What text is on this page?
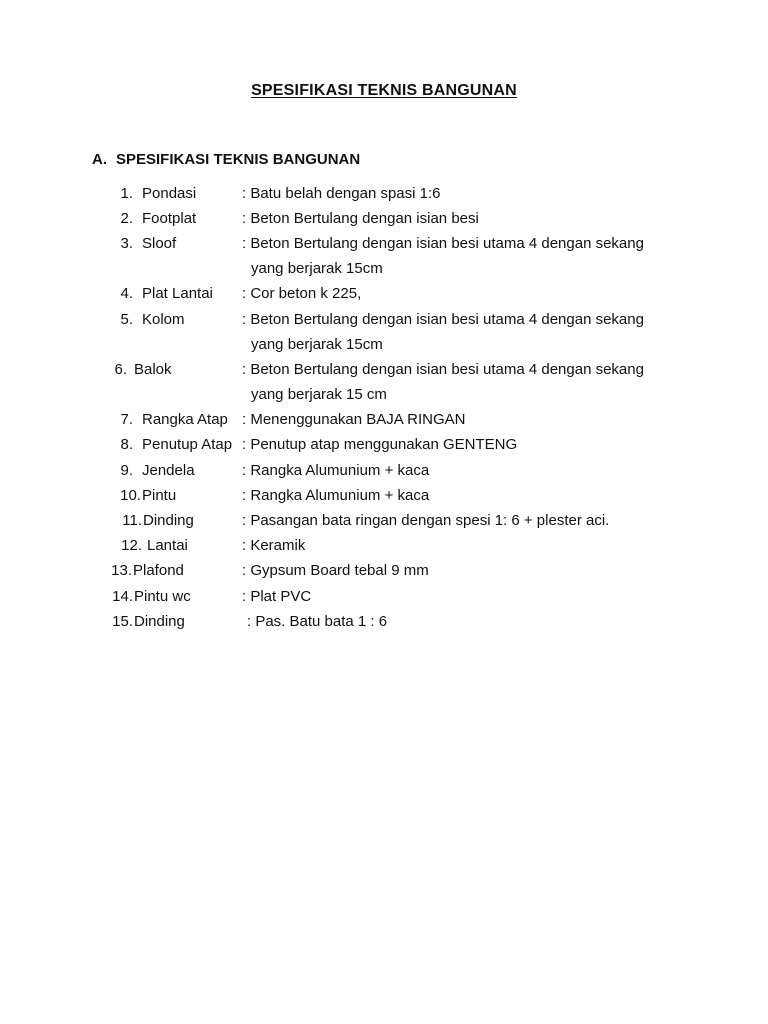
SPESIFIKASI TEKNIS BANGUNAN
A. SPESIFIKASI TEKNIS BANGUNAN
1. Pondasi	: Batu belah dengan spasi 1:6
2. Footplat	: Beton Bertulang dengan isian besi
3. Sloof	: Beton Bertulang dengan isian besi utama 4 dengan sekang
yang berjarak 15cm
4. Plat Lantai : Cor beton k 225,
5. Kolom	: Beton Bertulang dengan isian besi utama 4 dengan sekang
yang berjarak 15cm
6. Balok	: Beton Bertulang dengan isian besi utama 4 dengan sekang
yang berjarak 15 cm
7. Rangka Atap : Menenggunakan BAJA RINGAN
8. Penutup Atap : Penutup atap menggunakan GENTENG
9. Jendela	: Rangka Alumunium + kaca
10. Pintu	: Rangka Alumunium + kaca
11. Dinding	: Pasangan bata ringan dengan spesi 1: 6 + plester aci.
12. Lantai	: Keramik
13. Plafond	: Gypsum Board tebal 9 mm
14. Pintu wc	: Plat PVC
15. Dinding	: Pas. Batu bata 1 : 6
